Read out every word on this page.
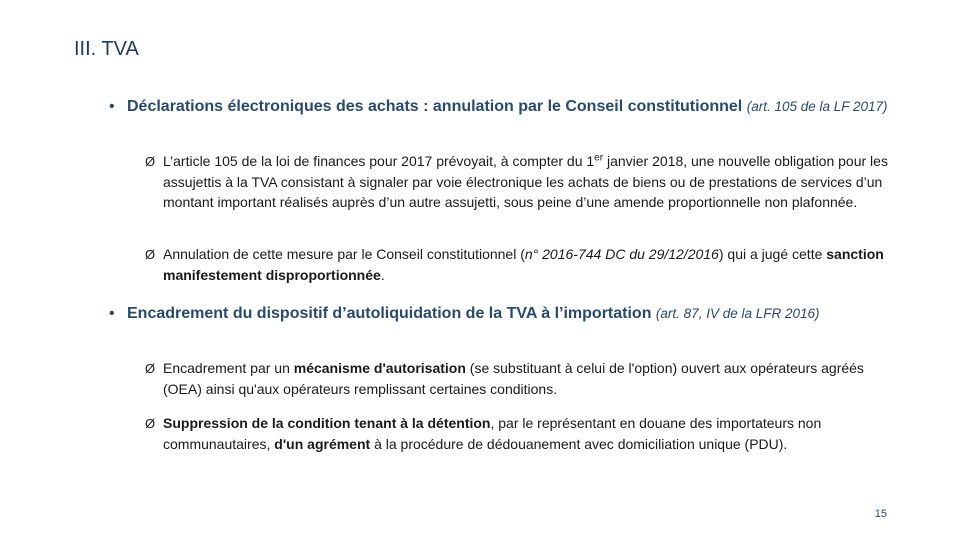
III. TVA
• Déclarations électroniques des achats : annulation par le Conseil constitutionnel (art. 105 de la LF 2017)
Ø L’article 105 de la loi de finances pour 2017 prévoyait, à compter du 1er janvier 2018, une nouvelle obligation pour les assujettis à la TVA consistant à signaler par voie électronique les achats de biens ou de prestations de services d’un montant important réalisés auprès d’un autre assujetti, sous peine d’une amende proportionnelle non plafonnée.
Ø Annulation de cette mesure par le Conseil constitutionnel (n° 2016-744 DC du 29/12/2016) qui a jugé cette sanction manifestement disproportionnée.
• Encadrement du dispositif d’autoliquidation de la TVA à l’importation (art. 87, IV de la LFR 2016)
Ø Encadrement par un mécanisme d'autorisation (se substituant à celui de l'option) ouvert aux opérateurs agréés (OEA) ainsi qu'aux opérateurs remplissant certaines conditions.
Ø Suppression de la condition tenant à la détention, par le représentant en douane des importateurs non communautaires, d'un agrément à la procédure de dédouanement avec domiciliation unique (PDU).
15
